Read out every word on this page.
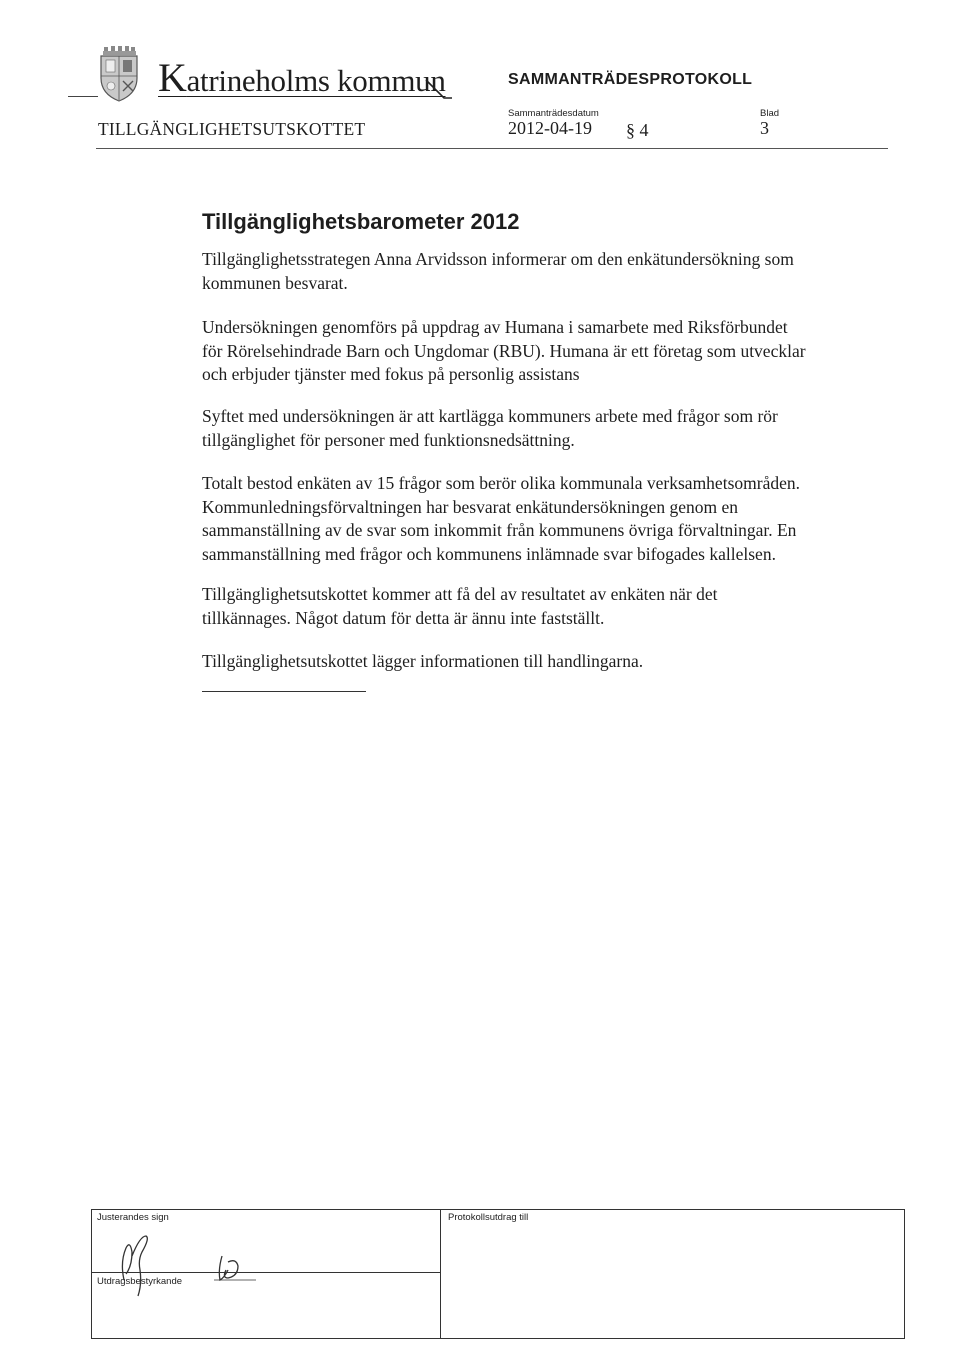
Katrineholms kommun	SAMMANTRÄDESPROTOKOLL
Sammanträdesdatum	Blad
TILLGÄNGLIGHETSUTSKOTTET	2012-04-19 § 4	3
Tillgänglighetsbarometer 2012

Tillgänglighetsstrategen Anna Arvidsson informerar om den enkätundersökning som
kommunen besvarat.

Undersökningen genomförs på uppdrag av Humana i samarbete med Riksförbundet
för Rörelsehindrade Barn och Ungdomar (RBU). Humana är ett företag som utvecklar
och erbjuder tjänster med fokus på personlig assistans

Syftet med undersökningen är att kartlägga kommuners arbete med frågor som rör
tillgänglighet för personer med funktionsnedsättning.

Totalt bestod enkäten av 15 frågor som berör olika kommunala verksamhetsområden.
Kommunledningsförvaltningen har besvarat enkätundersökningen genom en
sammanställning av de svar som inkommit från kommunens övriga förvaltningar. En
sammanställning med frågor och kommunens inlämnade svar bifogades kallelsen.

Tillgänglighetsutskottet kommer att få del av resultatet av enkäten när det
tillkännages. Något datum för detta är ännu inte fastställt.

Tillgänglighetsutskottet lägger informationen till handlingarna.

Justerandes sign	Protokollsutdrag till
Utdragsbestyrkande
